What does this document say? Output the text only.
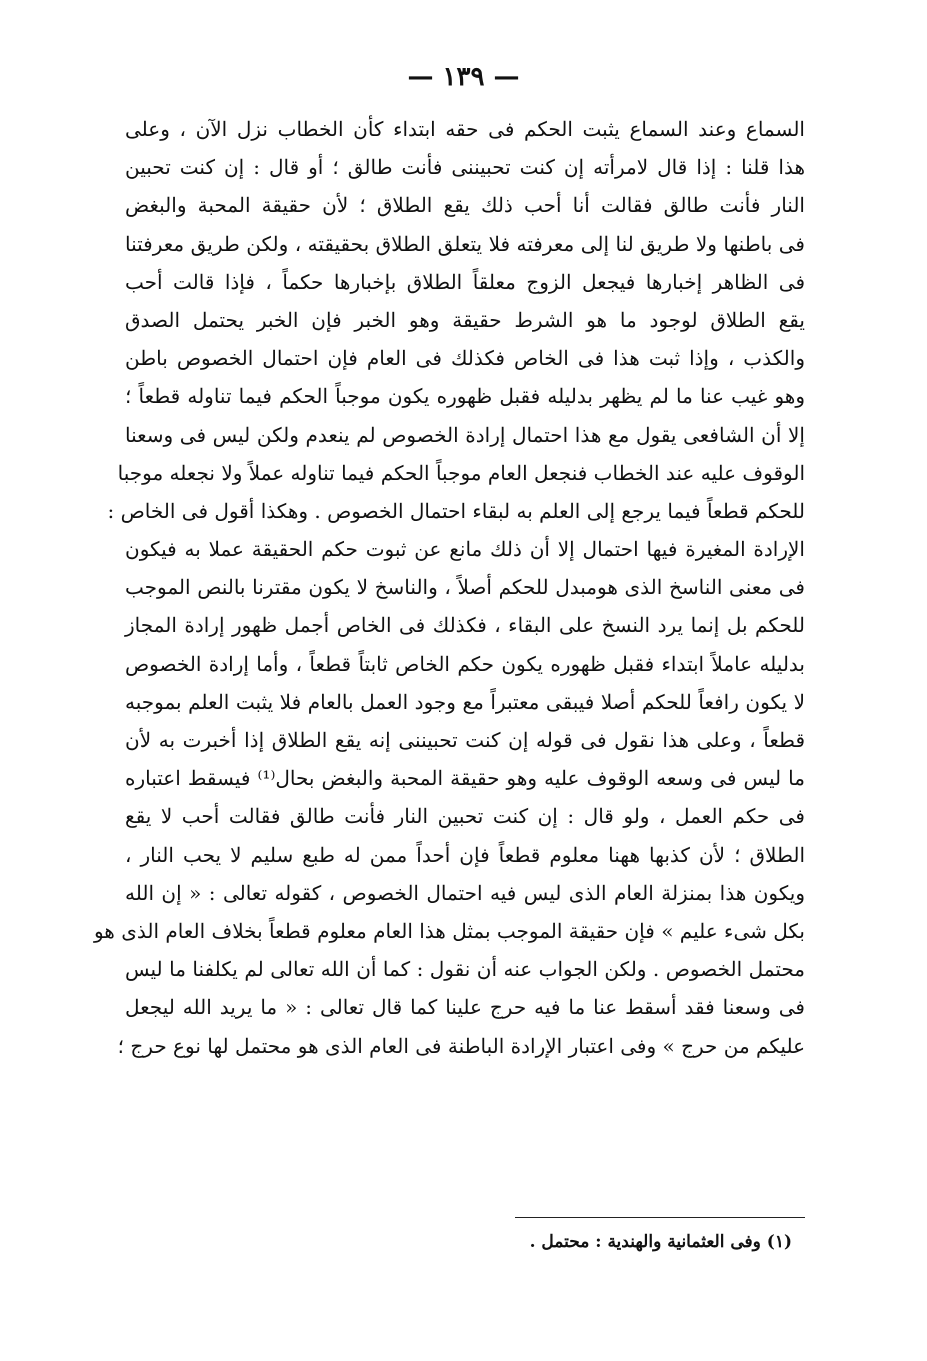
— ١٣٩ —
السماع وعند السماع يثبت الحكم فى حقه ابتداء كأن الخطاب نزل الآن ، وعلى
هذا قلنا : إذا قال لامرأته إن كنت تحبيننى فأنت طالق ؛ أو قال : إن كنت تحبين
النار فأنت طالق فقالت أنا أحب ذلك يقع الطلاق ؛ لأن حقيقة المحبة والبغض
فى باطنها ولا طريق لنا إلى معرفته فلا يتعلق الطلاق بحقيقته ، ولكن طريق معرفتنا
فى الظاهر إخبارها فيجعل الزوج معلقاً الطلاق بإخبارها حكماً ، فإذا قالت أحب
يقع الطلاق لوجود ما هو الشرط حقيقة وهو الخبر فإن الخبر يحتمل الصدق
والكذب ، وإذا ثبت هذا فى الخاص فكذلك فى العام فإن احتمال الخصوص باطن
وهو غيب عنا ما لم يظهر بدليله فقبل ظهوره يكون موجباً الحكم فيما تناوله قطعاً ؛
إلا أن الشافعى يقول مع هذا احتمال إرادة الخصوص لم ينعدم ولكن ليس فى وسعنا
الوقوف عليه عند الخطاب فنجعل العام موجباً الحكم فيما تناوله عملاً ولا نجعله موجبا
للحكم قطعاً فيما يرجع إلى العلم به لبقاء احتمال الخصوص . وهكذا أقول فى الخاص :
الإرادة المغيرة فيها احتمال إلا أن ذلك مانع عن ثبوت حكم الحقيقة عملا به فيكون
فى معنى الناسخ الذى هومبدل للحكم أصلاً ، والناسخ لا يكون مقترنا بالنص الموجب
للحكم بل إنما يرد النسخ على البقاء ، فكذلك فى الخاص أجمل ظهور إرادة المجاز
بدليله عاملاً ابتداء فقبل ظهوره يكون حكم الخاص ثابتاً قطعاً ، وأما إرادة الخصوص
لا يكون رافعاً للحكم أصلا فيبقى معتبراً مع وجود العمل بالعام فلا يثبت العلم بموجبه
قطعاً ، وعلى هذا نقول فى قوله إن كنت تحبيننى إنه يقع الطلاق إذا أخبرت به لأن
ما ليس فى وسعه الوقوف عليه وهو حقيقة المحبة والبغض بحال⁽¹⁾ فيسقط اعتباره
فى حكم العمل ، ولو قال : إن كنت تحبين النار فأنت طالق فقالت أحب لا يقع
الطلاق ؛ لأن كذبها ههنا معلوم قطعاً فإن أحداً ممن له طبع سليم لا يحب النار ،
ويكون هذا بمنزلة العام الذى ليس فيه احتمال الخصوص ، كقوله تعالى : « إن الله
بكل شىء عليم » فإن حقيقة الموجب بمثل هذا العام معلوم قطعاً بخلاف العام الذى هو
محتمل الخصوص . ولكن الجواب عنه أن نقول : كما أن الله تعالى لم يكلفنا ما ليس
فى وسعنا فقد أسقط عنا ما فيه حرج علينا كما قال تعالى : « ما يريد الله ليجعل
عليكم من حرج » وفى اعتبار الإرادة الباطنة فى العام الذى هو محتمل لها نوع حرج ؛
(١) وفى العثمانية والهندية : محتمل .
